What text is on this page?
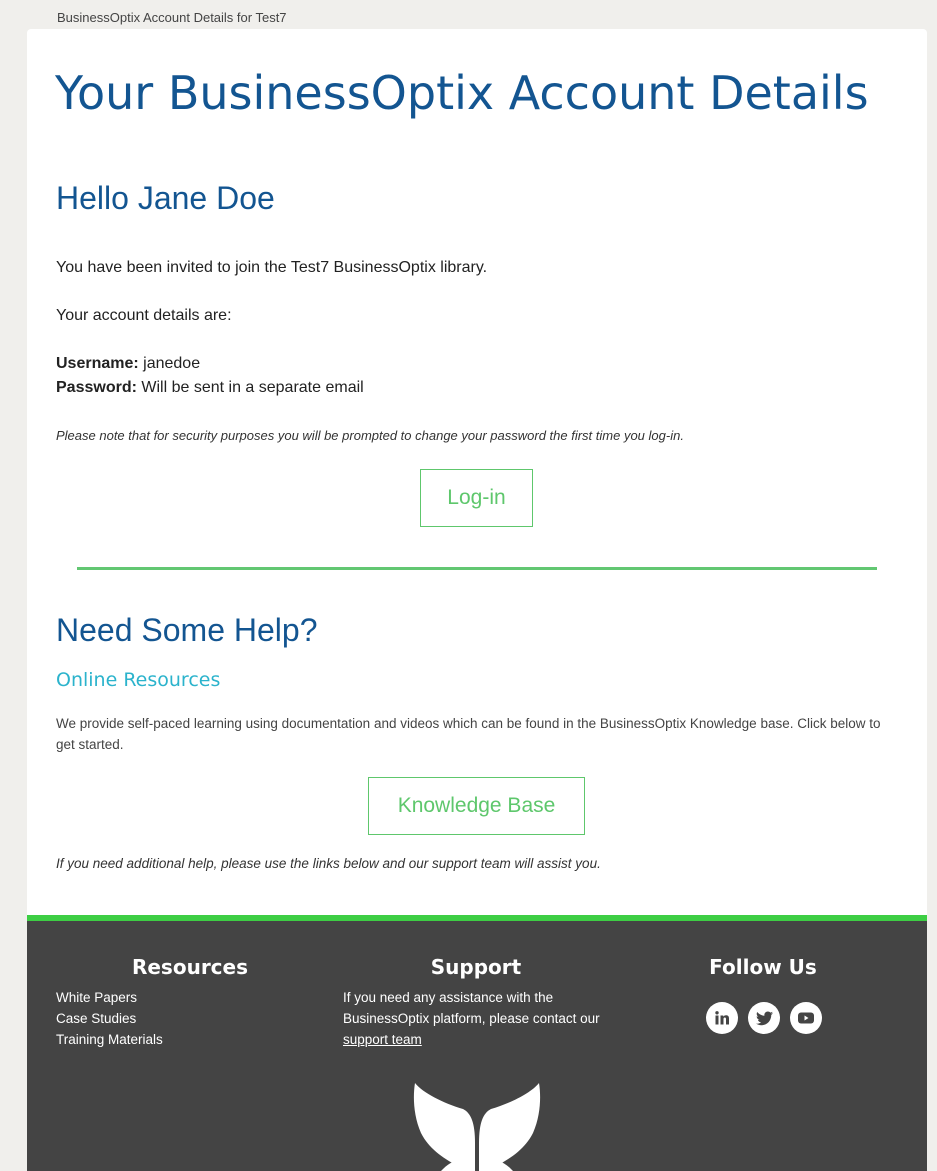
BusinessOptix Account Details for Test7
Your BusinessOptix Account Details
Hello Jane Doe

You have been invited to join the Test7 BusinessOptix library.

Your account details are:

Username: janedoe

Password: Will be sent in a separate email

Please note that for security purposes you will be prompted to change your password the first time you log-in.

Log-in
Need Some Help?
Online Resources

We provide self-paced learning using documentation and videos which can be found in the BusinessOptix Knowledge base. Click below to get started.

Knowledge Base

If you need additional help, please use the links below and our support team will assist you.

Resources
White Papers
Case Studies
Training Materials
Support

If you need any assistance with the BusinessOptix platform, please contact our support team

Follow Us
